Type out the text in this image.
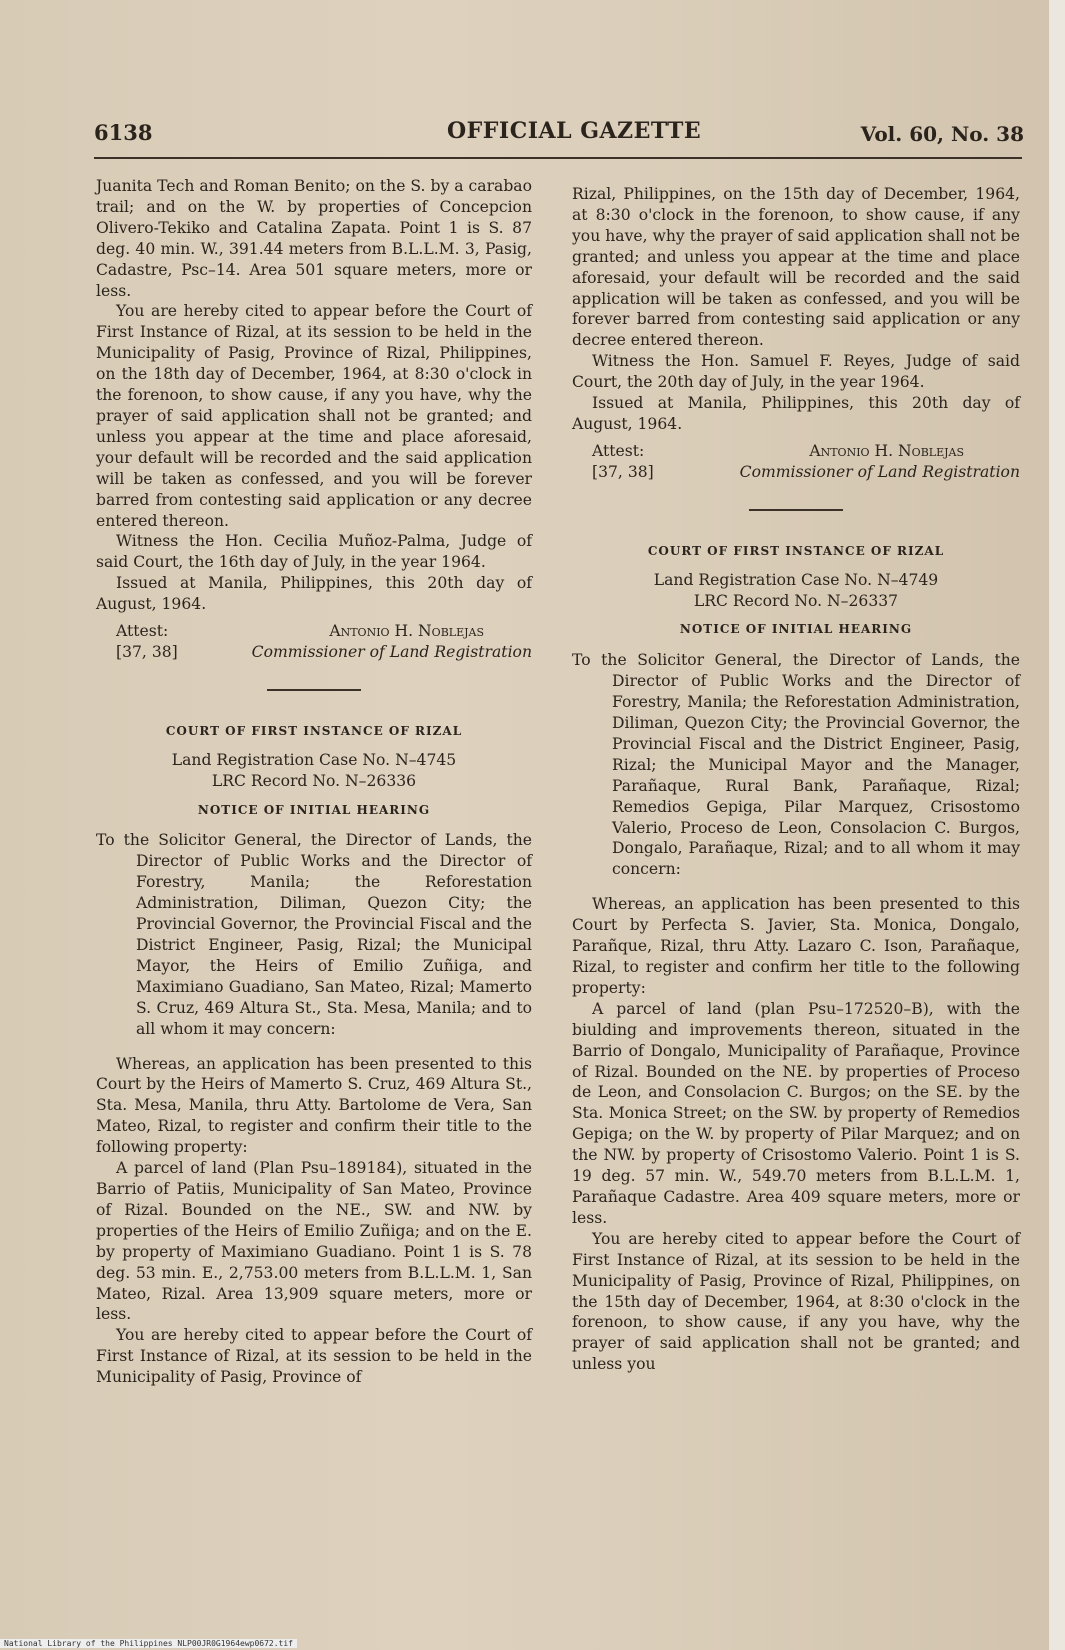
6138	OFFICIAL GAZETTE	Vol. 60, No. 38

Juanita Tech and Roman Benito; on the S. by a carabao trail; and on the W. by properties of Concepcion Olivero-Tekiko and Catalina Zapata. Point 1 is S. 87 deg. 40 min. W., 391.44 meters from B.L.L.M. 3, Pasig, Cadastre, Psc–14. Area 501 square meters, more or less.

You are hereby cited to appear before the Court of First Instance of Rizal, at its session to be held in the Municipality of Pasig, Province of Rizal, Philippines, on the 18th day of December, 1964, at 8:30 o'clock in the forenoon, to show cause, if any you have, why the prayer of said application shall not be granted; and unless you appear at the time and place aforesaid, your default will be recorded and the said application will be taken as confessed, and you will be forever barred from contesting said application or any decree entered thereon.

Witness the Hon. Cecilia Muñoz-Palma, Judge of said Court, the 16th day of July, in the year 1964.

Issued at Manila, Philippines, this 20th day of August, 1964.

Attest:	Antonio H. Noblejas
[37, 38]	Commissioner of Land Registration
COURT OF FIRST INSTANCE OF RIZAL
Land Registration Case No. N–4745
LRC Record No. N–26336
NOTICE OF INITIAL HEARING

To the Solicitor General, the Director of Lands, the Director of Public Works and the Director of Forestry, Manila; the Reforestation Administration, Diliman, Quezon City; the Provincial Governor, the Provincial Fiscal and the District Engineer, Pasig, Rizal; the Municipal Mayor, the Heirs of Emilio Zuñiga, and Maximiano Guadiano, San Mateo, Rizal; Mamerto S. Cruz, 469 Altura St., Sta. Mesa, Manila; and to all whom it may concern:

Whereas, an application has been presented to this Court by the Heirs of Mamerto S. Cruz, 469 Altura St., Sta. Mesa, Manila, thru Atty. Bartolome de Vera, San Mateo, Rizal, to register and confirm their title to the following property:

A parcel of land (Plan Psu–189184), situated in the Barrio of Patiis, Municipality of San Mateo, Province of Rizal. Bounded on the NE., SW. and NW. by properties of the Heirs of Emilio Zuñiga; and on the E. by property of Maximiano Guadiano. Point 1 is S. 78 deg. 53 min. E., 2,753.00 meters from B.L.L.M. 1, San Mateo, Rizal. Area 13,909 square meters, more or less.

You are hereby cited to appear before the Court of First Instance of Rizal, at its session to be held in the Municipality of Pasig, Province of

Rizal, Philippines, on the 15th day of December, 1964, at 8:30 o'clock in the forenoon, to show cause, if any you have, why the prayer of said application shall not be granted; and unless you appear at the time and place aforesaid, your default will be recorded and the said application will be taken as confessed, and you will be forever barred from contesting said application or any decree entered thereon.

Witness the Hon. Samuel F. Reyes, Judge of said Court, the 20th day of July, in the year 1964.

Issued at Manila, Philippines, this 20th day of August, 1964.

Attest:	Antonio H. Noblejas
[37, 38]	Commissioner of Land Registration
COURT OF FIRST INSTANCE OF RIZAL
Land Registration Case No. N–4749
LRC Record No. N–26337
NOTICE OF INITIAL HEARING

To the Solicitor General, the Director of Lands, the Director of Public Works and the Director of Forestry, Manila; the Reforestation Administration, Diliman, Quezon City; the Provincial Governor, the Provincial Fiscal and the District Engineer, Pasig, Rizal; the Municipal Mayor and the Manager, Parañaque, Rural Bank, Parañaque, Rizal; Remedios Gepiga, Pilar Marquez, Crisostomo Valerio, Proceso de Leon, Consolacion C. Burgos, Dongalo, Parañaque, Rizal; and to all whom it may concern:

Whereas, an application has been presented to this Court by Perfecta S. Javier, Sta. Monica, Dongalo, Parañque, Rizal, thru Atty. Lazaro C. Ison, Parañaque, Rizal, to register and confirm her title to the following property:

A parcel of land (plan Psu–172520–B), with the biulding and improvements thereon, situated in the Barrio of Dongalo, Municipality of Parañaque, Province of Rizal. Bounded on the NE. by properties of Proceso de Leon, and Consolacion C. Burgos; on the SE. by the Sta. Monica Street; on the SW. by property of Remedios Gepiga; on the W. by property of Pilar Marquez; and on the NW. by property of Crisostomo Valerio. Point 1 is S. 19 deg. 57 min. W., 549.70 meters from B.L.L.M. 1, Parañaque Cadastre. Area 409 square meters, more or less.

You are hereby cited to appear before the Court of First Instance of Rizal, at its session to be held in the Municipality of Pasig, Province of Rizal, Philippines, on the 15th day of December, 1964, at 8:30 o'clock in the forenoon, to show cause, if any you have, why the prayer of said application shall not be granted; and unless you

National Library of the Philippines NLP00JR0G1964ewp0672.tif
